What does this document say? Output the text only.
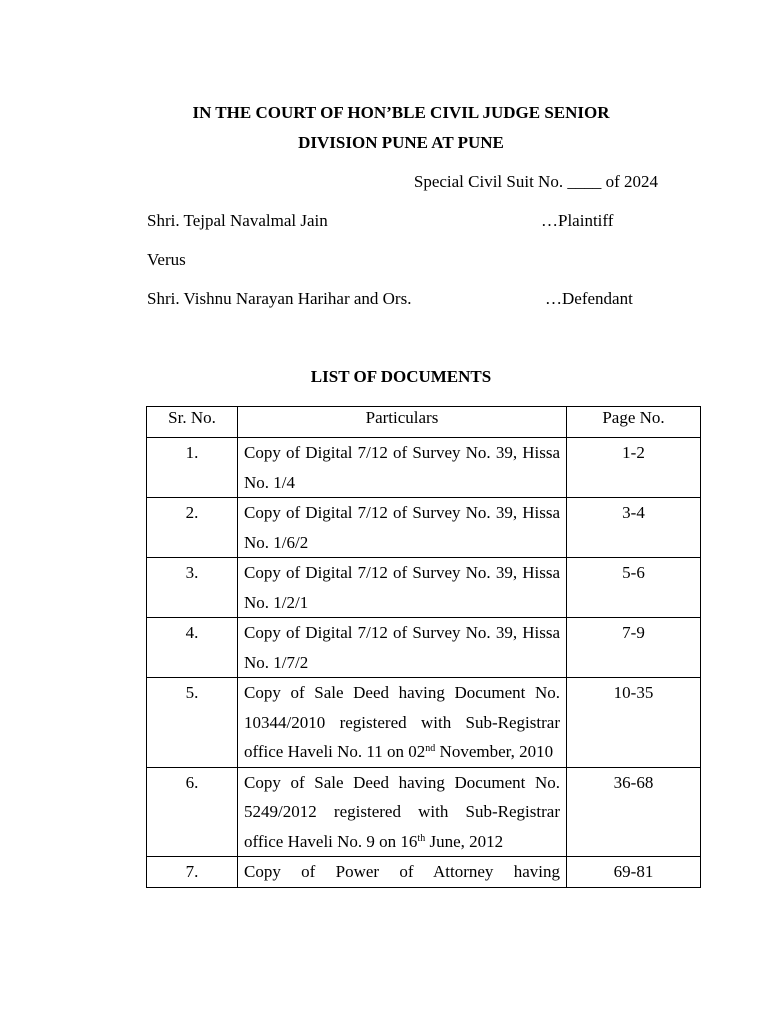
IN THE COURT OF HON’BLE CIVIL JUDGE SENIOR
DIVISION PUNE AT PUNE
Special Civil Suit No. ____ of 2024
Shri. Tejpal Navalmal Jain	…Plaintiff
Verus
Shri. Vishnu Narayan Harihar and Ors.	…Defendant
LIST OF DOCUMENTS
Sr. No.	Particulars	Page No.
1.	Copy of Digital 7/12 of Survey No. 39, Hissa No. 1/4	1-2
2.	Copy of Digital 7/12 of Survey No. 39, Hissa No. 1/6/2	3-4
3.	Copy of Digital 7/12 of Survey No. 39, Hissa No. 1/2/1	5-6
4.	Copy of Digital 7/12 of Survey No. 39, Hissa No. 1/7/2	7-9
5.	Copy of Sale Deed having Document No. 10344/2010 registered with Sub-Registrar office Haveli No. 11 on 02nd November, 2010	10-35
6.	Copy of Sale Deed having Document No. 5249/2012 registered with Sub-Registrar office Haveli No. 9 on 16th June, 2012	36-68
7.	Copy of Power of Attorney having	69-81
